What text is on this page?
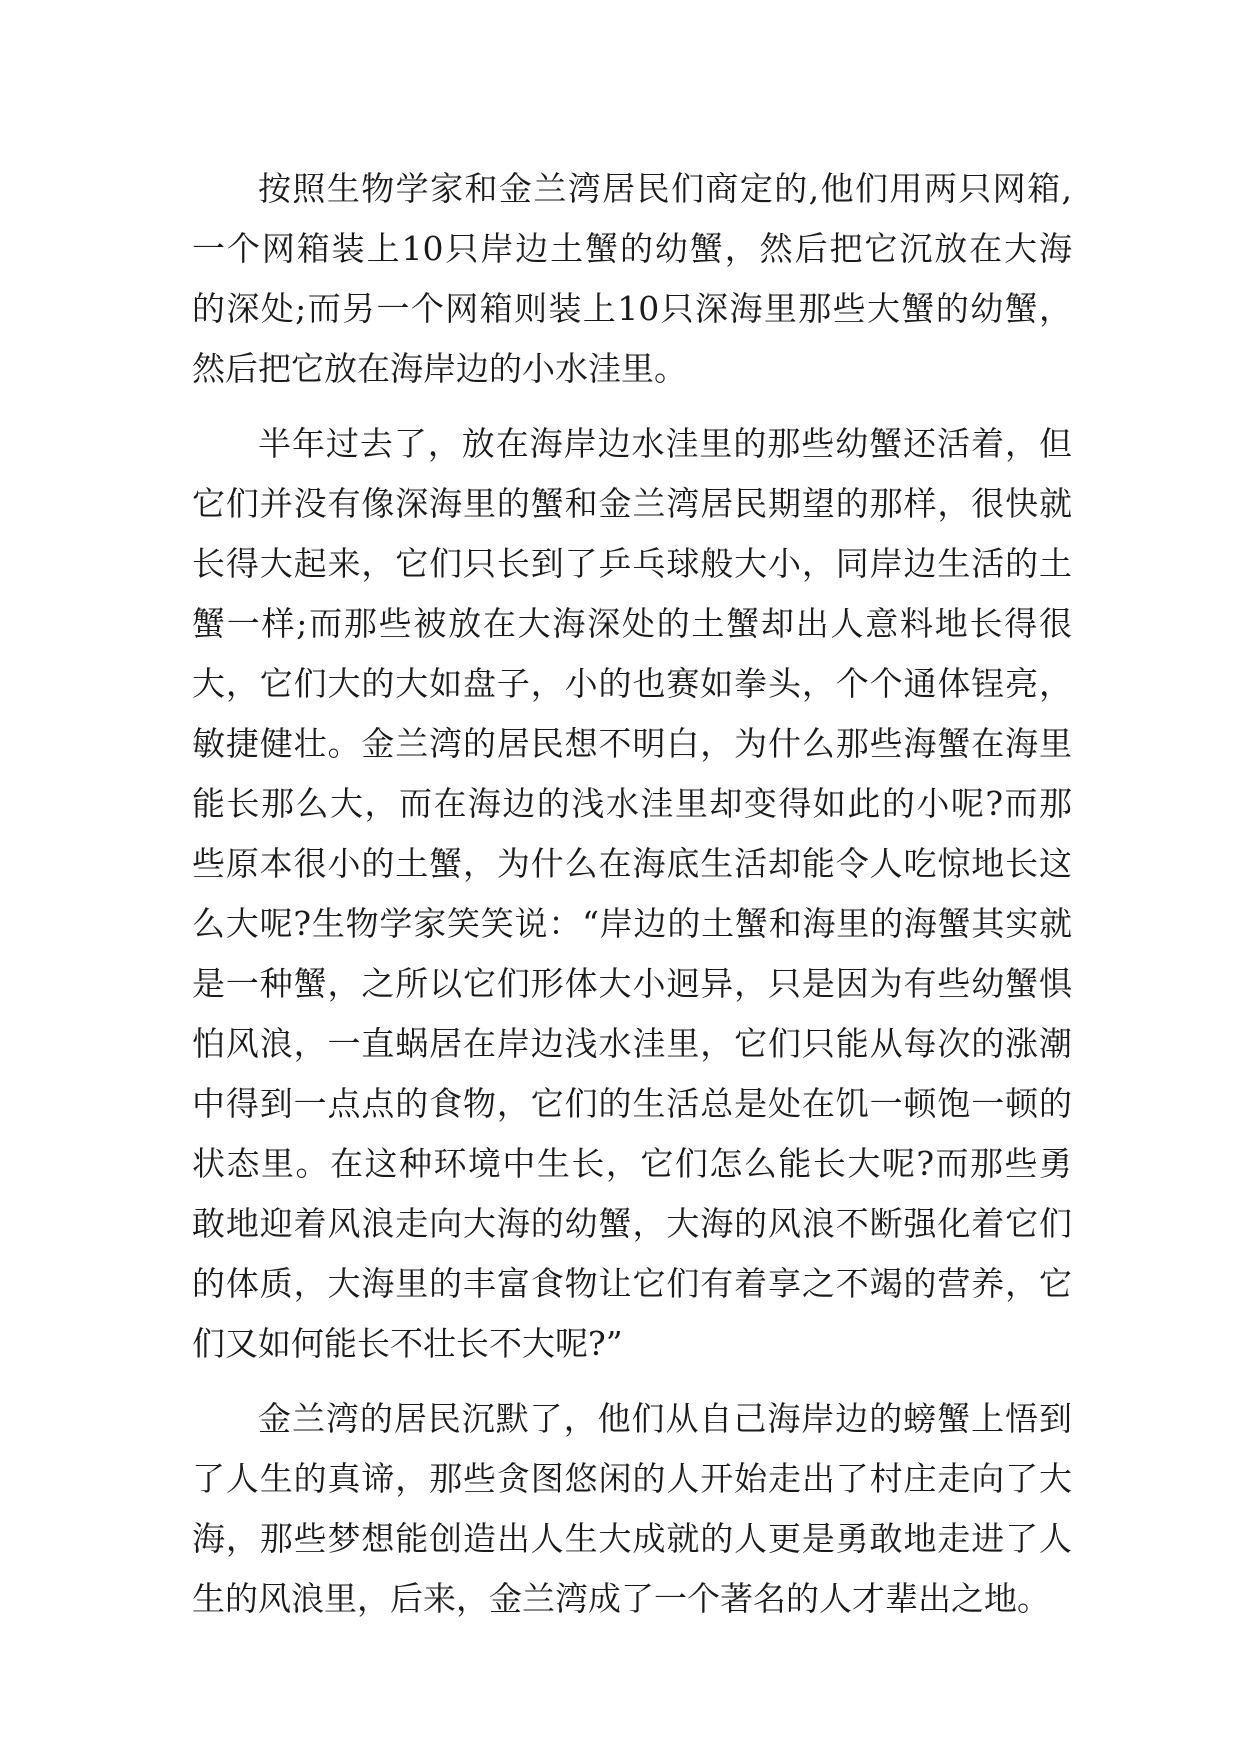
按照生物学家和金兰湾居民们商定的,他们用两只网箱,
一个网箱装上10只岸边土蟹的幼蟹，然后把它沉放在大海
的深处;而另一个网箱则装上10只深海里那些大蟹的幼蟹，
然后把它放在海岸边的小水洼里。

半年过去了，放在海岸边水洼里的那些幼蟹还活着，但
它们并没有像深海里的蟹和金兰湾居民期望的那样，很快就
长得大起来，它们只长到了乒乓球般大小，同岸边生活的土
蟹一样;而那些被放在大海深处的土蟹却出人意料地长得很
大，它们大的大如盘子，小的也赛如拳头，个个通体锃亮，
敏捷健壮。金兰湾的居民想不明白，为什么那些海蟹在海里
能长那么大，而在海边的浅水洼里却变得如此的小呢?而那
些原本很小的土蟹，为什么在海底生活却能令人吃惊地长这
么大呢?生物学家笑笑说：“岸边的土蟹和海里的海蟹其实就
是一种蟹，之所以它们形体大小迥异，只是因为有些幼蟹惧
怕风浪，一直蜗居在岸边浅水洼里，它们只能从每次的涨潮
中得到一点点的食物，它们的生活总是处在饥一顿饱一顿的
状态里。在这种环境中生长，它们怎么能长大呢?而那些勇
敢地迎着风浪走向大海的幼蟹，大海的风浪不断强化着它们
的体质，大海里的丰富食物让它们有着享之不竭的营养，它
们又如何能长不壮长不大呢?”

金兰湾的居民沉默了，他们从自己海岸边的螃蟹上悟到
了人生的真谛，那些贪图悠闲的人开始走出了村庄走向了大
海，那些梦想能创造出人生大成就的人更是勇敢地走进了人
生的风浪里，后来，金兰湾成了一个著名的人才辈出之地。
